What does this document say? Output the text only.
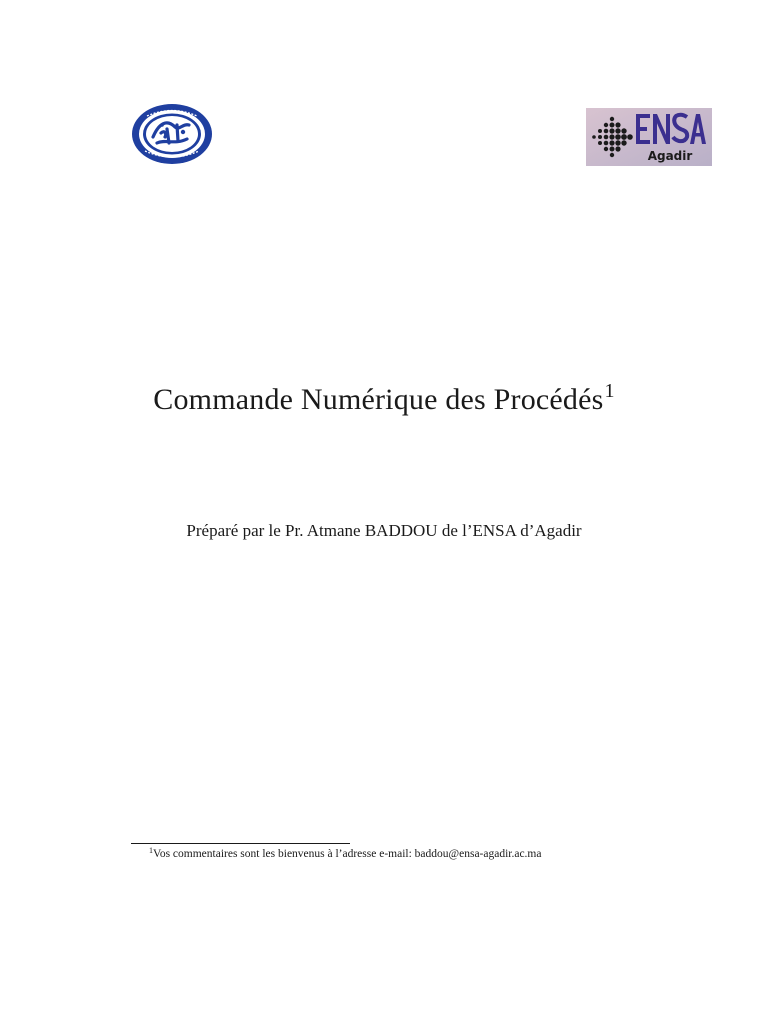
Agadir
Commande Numérique des Procédés$^1$
Préparé par le Pr. Atmane BADDOU de l’ENSA d’Agadir
$^1$Vos commentaires sont les bienvenus à l’adresse e-mail: baddou@ensa-agadir.ac.ma
